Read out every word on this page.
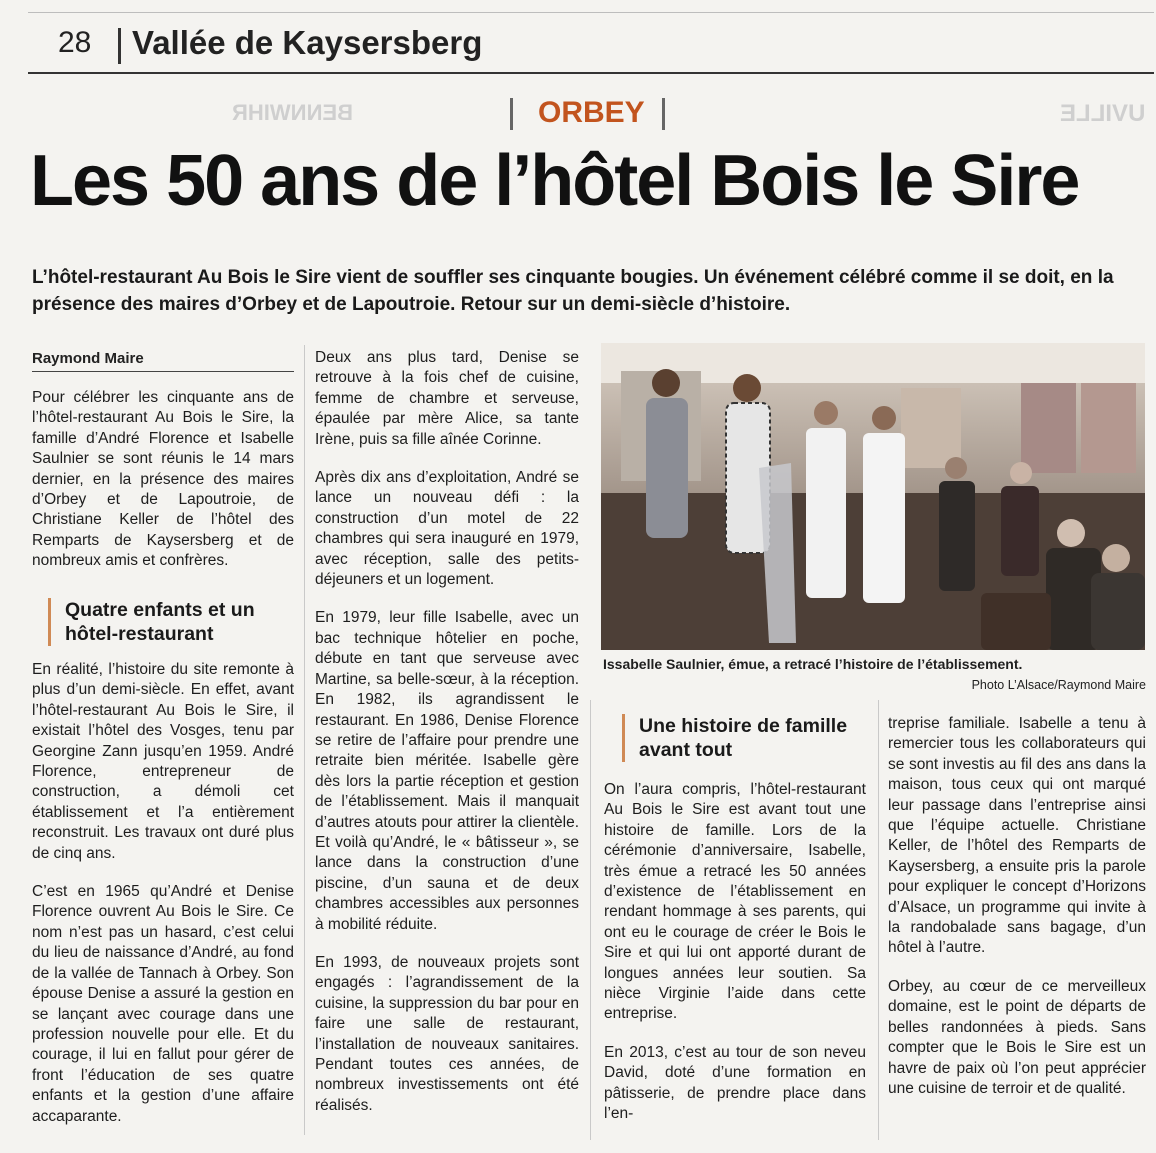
28 Vallée de Kaysersberg
BENNWIHR	UVILLE
ORBEY
Les 50 ans de l’hôtel Bois le Sire
L’hôtel-restaurant Au Bois le Sire vient de souffler ses cinquante bougies. Un événement célébré comme il se doit, en la présence des maires d’Orbey et de Lapoutroie. Retour sur un demi-siècle d’histoire.
Raymond Maire

Pour célébrer les cinquante ans de l’hôtel-restaurant Au Bois le Sire, la famille d’André Florence et Isabelle Saulnier se sont réunis le 14 mars dernier, en la présence des maires d’Orbey et de Lapoutroie, de Christiane Keller de l’hôtel des Remparts de Kaysersberg et de nombreux amis et confrères.

Quatre enfants et un hôtel-restaurant

En réalité, l’histoire du site remonte à plus d’un demi-siècle. En effet, avant l’hôtel-restaurant Au Bois le Sire, il existait l’hôtel des Vosges, tenu par Georgine Zann jusqu’en 1959. André Florence, entrepreneur de construction, a démoli cet établissement et l’a entièrement reconstruit. Les travaux ont duré plus de cinq ans.

C’est en 1965 qu’André et Denise Florence ouvrent Au Bois le Sire. Ce nom n’est pas un hasard, c’est celui du lieu de naissance d’André, au fond de la vallée de Tannach à Orbey. Son épouse Denise a assuré la gestion en se lançant avec courage dans une profession nouvelle pour elle. Et du courage, il lui en fallut pour gérer de front l’éducation de ses quatre enfants et la gestion d’une affaire accaparante.

Deux ans plus tard, Denise se retrouve à la fois chef de cuisine, femme de chambre et serveuse, épaulée par mère Alice, sa tante Irène, puis sa fille aînée Corinne.

Après dix ans d’exploitation, André se lance un nouveau défi : la construction d’un motel de 22 chambres qui sera inauguré en 1979, avec réception, salle des petits-déjeuners et un logement.

En 1979, leur fille Isabelle, avec un bac technique hôtelier en poche, débute en tant que serveuse avec Martine, sa belle-sœur, à la réception. En 1982, ils agrandissent le restaurant. En 1986, Denise Florence se retire de l’affaire pour prendre une retraite bien méritée. Isabelle gère dès lors la partie réception et gestion de l’établissement. Mais il manquait d’autres atouts pour attirer la clientèle. Et voilà qu’André, le « bâtisseur », se lance dans la construction d’une piscine, d’un sauna et de deux chambres accessibles aux personnes à mobilité réduite.

En 1993, de nouveaux projets sont engagés : l’agrandissement de la cuisine, la suppression du bar pour en faire une salle de restaurant, l’installation de nouveaux sanitaires. Pendant toutes ces années, de nombreux investissements ont été réalisés.

Issabelle Saulnier, émue, a retracé l’histoire de l’établissement.
Photo L’Alsace/Raymond Maire
Une histoire de famille avant tout

On l’aura compris, l’hôtel-restaurant Au Bois le Sire est avant tout une histoire de famille. Lors de la cérémonie d’anniversaire, Isabelle, très émue a retracé les 50 années d’existence de l’établissement en rendant hommage à ses parents, qui ont eu le courage de créer le Bois le Sire et qui lui ont apporté durant de longues années leur soutien. Sa nièce Virginie l’aide dans cette entreprise.

En 2013, c’est au tour de son neveu David, doté d’une formation en pâtisserie, de prendre place dans l’en-

treprise familiale. Isabelle a tenu à remercier tous les collaborateurs qui se sont investis au fil des ans dans la maison, tous ceux qui ont marqué leur passage dans l’entreprise ainsi que l’équipe actuelle. Christiane Keller, de l’hôtel des Remparts de Kaysersberg, a ensuite pris la parole pour expliquer le concept d’Horizons d’Alsace, un programme qui invite à la randobalade sans bagage, d’un hôtel à l’autre.

Orbey, au cœur de ce merveilleux domaine, est le point de départs de belles randonnées à pieds. Sans compter que le Bois le Sire est un havre de paix où l’on peut apprécier une cuisine de terroir et de qualité.
